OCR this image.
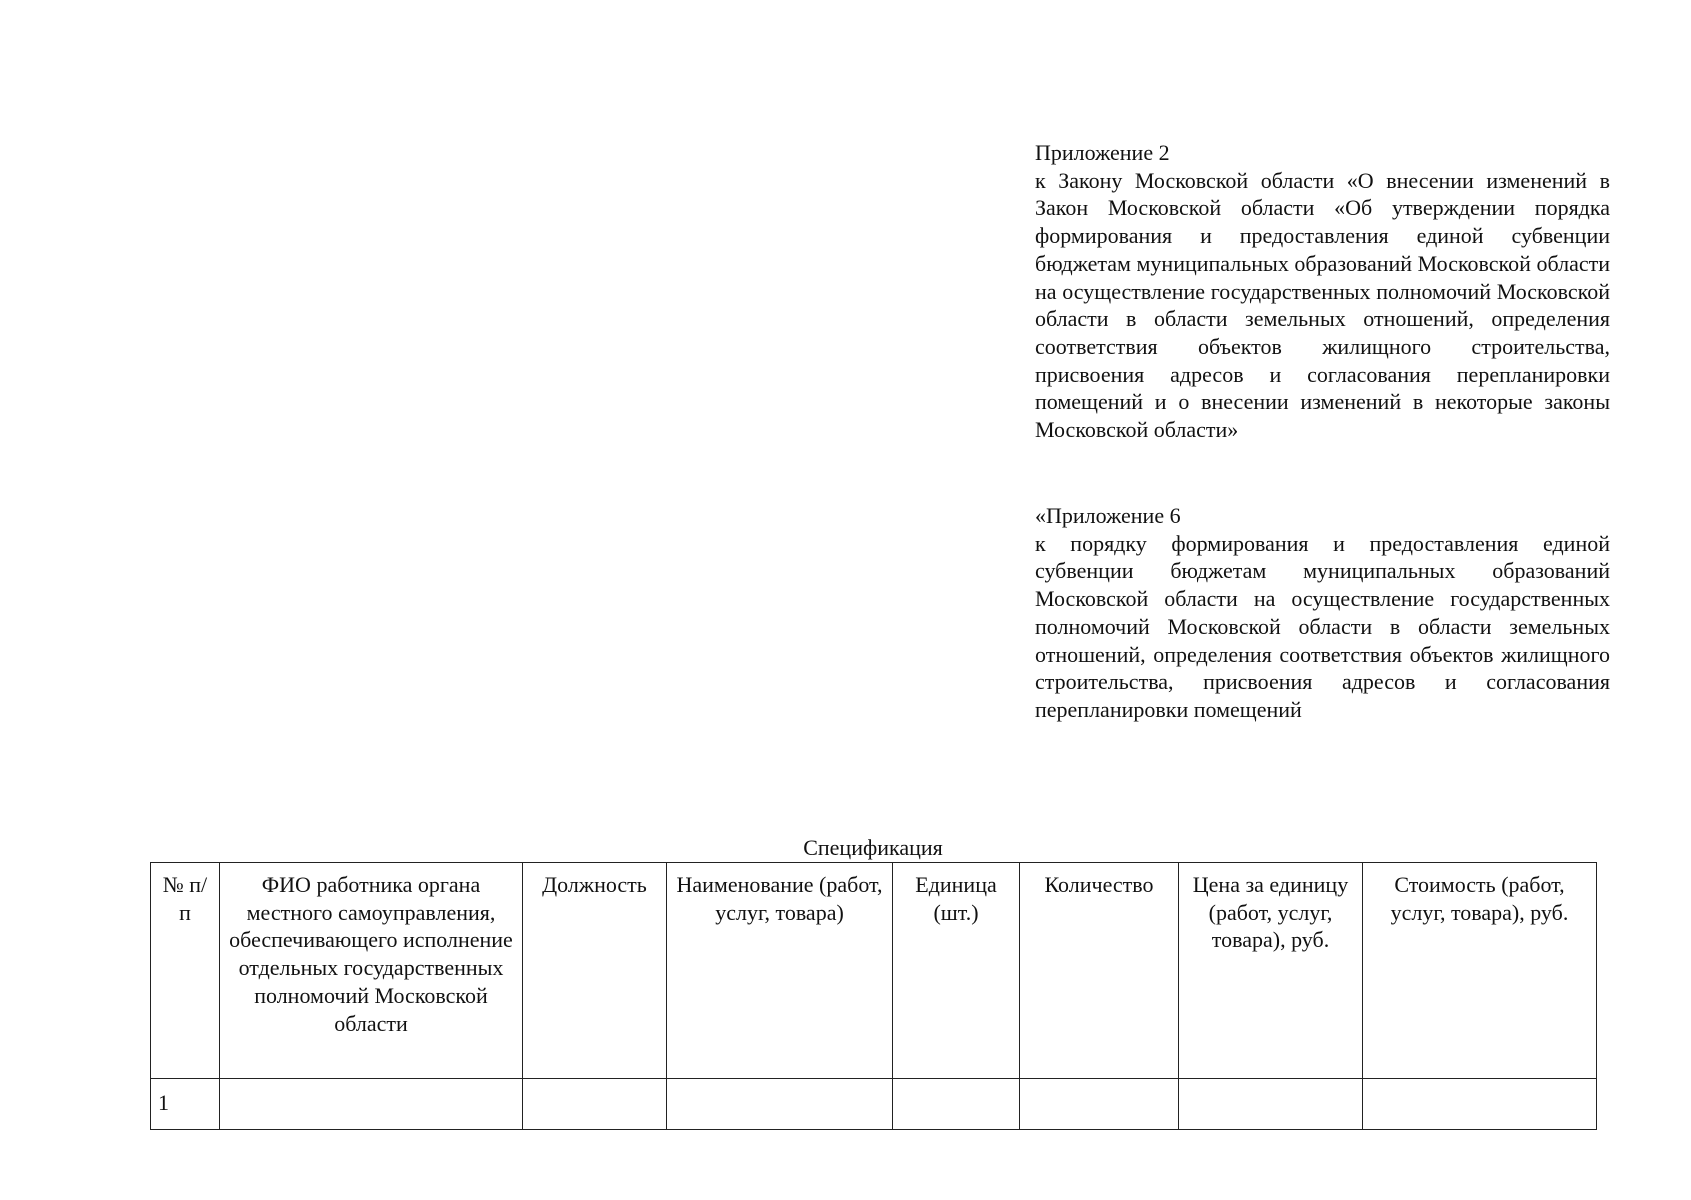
Приложение 2
к Закону Московской области «О внесении изменений в Закон Московской области «Об утверждении порядка формирования и предоставления единой субвенции бюджетам муниципальных образований Московской области на осуществление государственных полномочий Московской области в области земельных отношений, определения соответствия объектов жилищного строительства, присвоения адресов и согласования перепланировки помещений и о внесении изменений в некоторые законы Московской области»
«Приложение 6
к порядку формирования и предоставления единой субвенции бюджетам муниципальных образований Московской области на осуществление государственных полномочий Московской области в области земельных отношений, определения соответствия объектов жилищного строительства, присвоения адресов и согласования перепланировки помещений
Спецификация
№ п/п	ФИО работника органа местного самоуправления, обеспечивающего исполнение отдельных государственных полномочий Московской области	Должность	Наименование (работ, услуг, товара)	Единица (шт.)	Количество	Цена за единицу (работ, услуг, товара), руб.	Стоимость (работ, услуг, товара), руб.

1							
